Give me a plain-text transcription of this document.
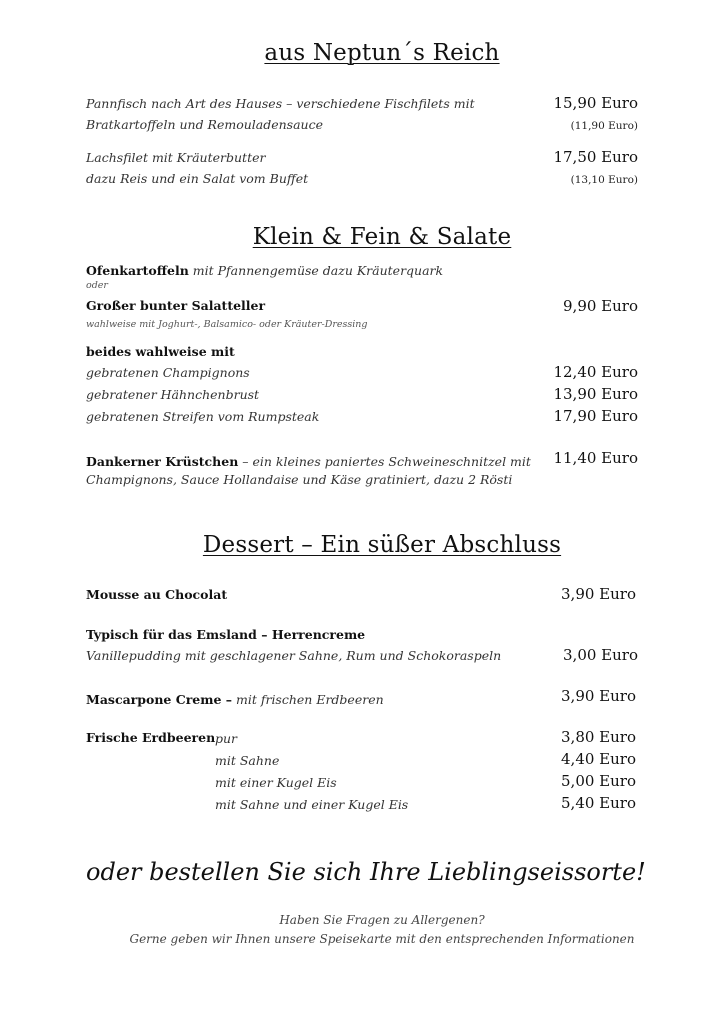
aus Neptun´s Reich
Pannfisch nach Art des Hauses – verschiedene Fischfilets mit
Bratkartoffeln und Remouladensauce
15,90 Euro
(11,90 Euro)
Lachsfilet mit Kräuterbutter
dazu Reis und ein Salat vom Buffet
17,50 Euro
(13,10 Euro)
Klein & Fein & Salate
Ofenkartoffeln mit Pfannengemüse dazu Kräuterquark
oder
Großer bunter Salatteller	9,90 Euro
wahlweise mit Joghurt-, Balsamico- oder Kräuter-Dressing
beides wahlweise mit
gebratenen Champignons	12,40 Euro
gebratener Hähnchenbrust	13,90 Euro
gebratenen Streifen vom Rumpsteak	17,90 Euro
Dankerner Krüstchen – ein kleines paniertes Schweineschnitzel mit
Champignons, Sauce Hollandaise und Käse gratiniert, dazu 2 Rösti
11,40 Euro
Dessert – Ein süßer Abschluss
Mousse au Chocolat	3,90 Euro
Typisch für das Emsland – Herrencreme
Vanillepudding mit geschlagener Sahne, Rum und Schokoraspeln	3,00 Euro
Mascarpone Creme – mit frischen Erdbeeren	3,90 Euro
Frische Erdbeeren pur	3,80 Euro
mit Sahne	4,40 Euro
mit einer Kugel Eis	5,00 Euro
mit Sahne und einer Kugel Eis	5,40 Euro
oder bestellen Sie sich Ihre Lieblingseissorte!
Haben Sie Fragen zu Allergenen?
Gerne geben wir Ihnen unsere Speisekarte mit den entsprechenden Informationen
